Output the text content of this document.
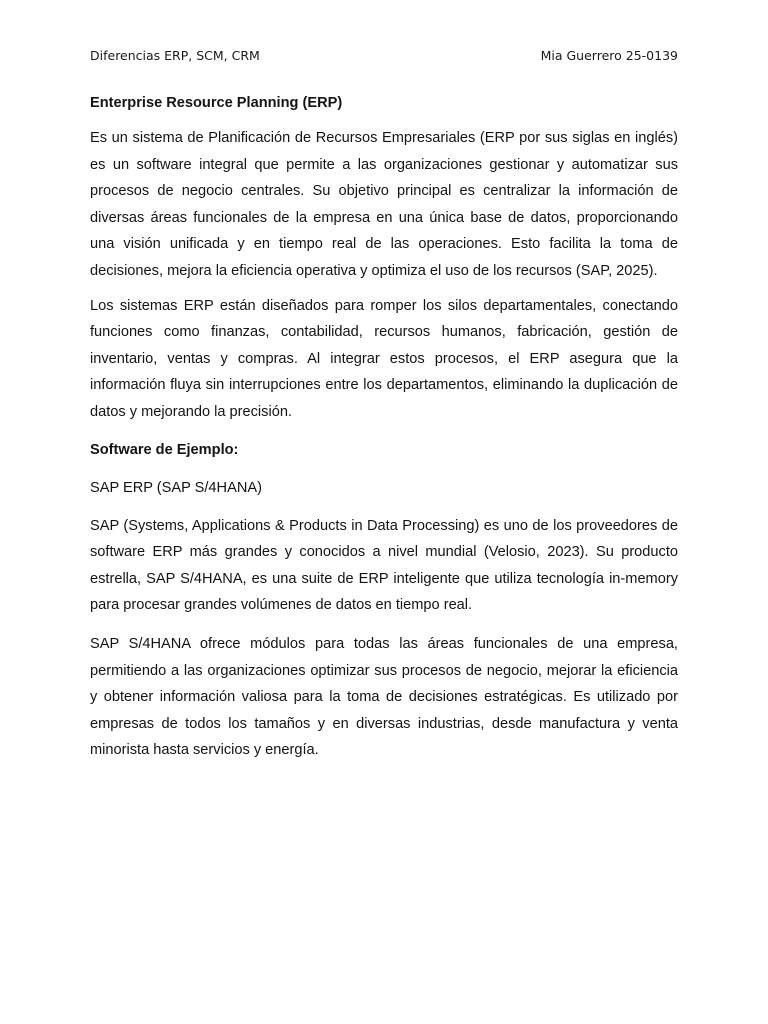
Diferencias ERP, SCM, CRM	Mia Guerrero 25-0139
Enterprise Resource Planning (ERP)

Es un sistema de Planificación de Recursos Empresariales (ERP por sus siglas en inglés) es un software integral que permite a las organizaciones gestionar y automatizar sus procesos de negocio centrales. Su objetivo principal es centralizar la información de diversas áreas funcionales de la empresa en una única base de datos, proporcionando una visión unificada y en tiempo real de las operaciones. Esto facilita la toma de decisiones, mejora la eficiencia operativa y optimiza el uso de los recursos (SAP, 2025).

Los sistemas ERP están diseñados para romper los silos departamentales, conectando funciones como finanzas, contabilidad, recursos humanos, fabricación, gestión de inventario, ventas y compras. Al integrar estos procesos, el ERP asegura que la información fluya sin interrupciones entre los departamentos, eliminando la duplicación de datos y mejorando la precisión.

Software de Ejemplo:

SAP ERP (SAP S/4HANA)

SAP (Systems, Applications & Products in Data Processing) es uno de los proveedores de software ERP más grandes y conocidos a nivel mundial (Velosio, 2023). Su producto estrella, SAP S/4HANA, es una suite de ERP inteligente que utiliza tecnología in-memory para procesar grandes volúmenes de datos en tiempo real.

SAP S/4HANA ofrece módulos para todas las áreas funcionales de una empresa, permitiendo a las organizaciones optimizar sus procesos de negocio, mejorar la eficiencia y obtener información valiosa para la toma de decisiones estratégicas. Es utilizado por empresas de todos los tamaños y en diversas industrias, desde manufactura y venta minorista hasta servicios y energía.
